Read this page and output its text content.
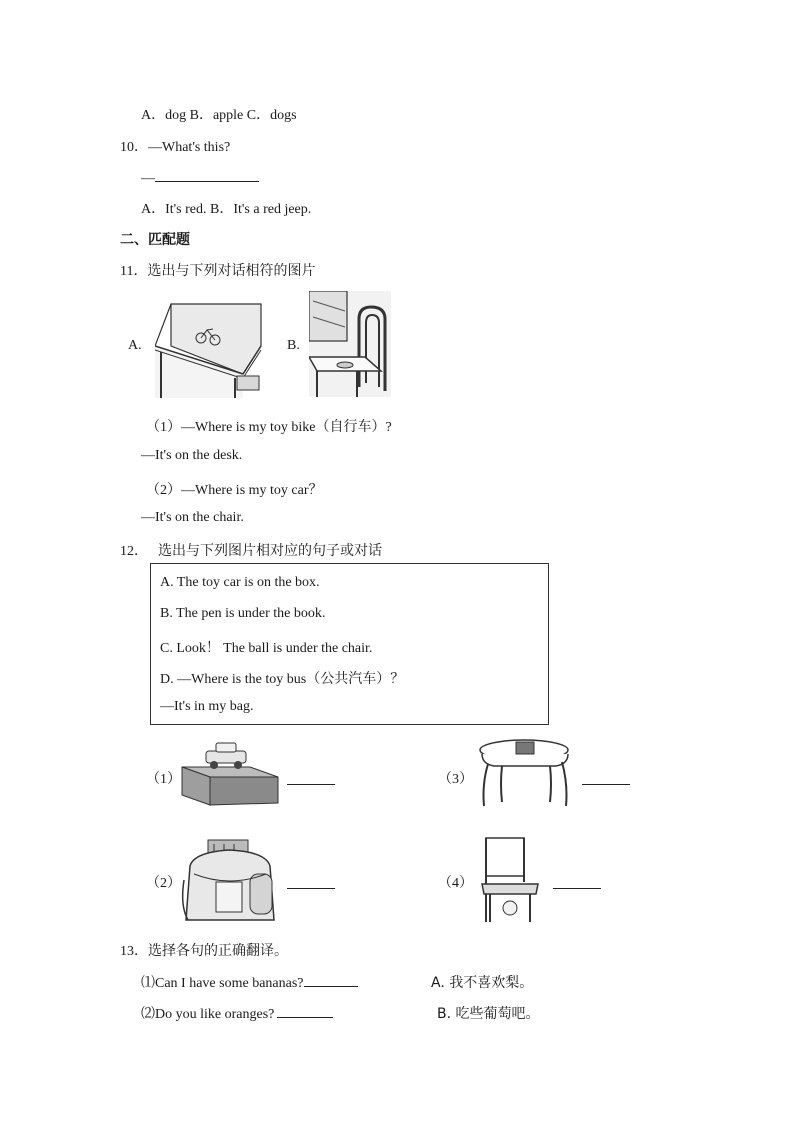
A．dog B．apple C．dogs
10．—What's this?
—
A．It's red. B．It's a red jeep.
二、匹配题
11．选出与下列对话相符的图片
A.	B.
（1）—Where is my toy bike（自行车）?
—It's on the desk.
（2）—Where is my toy car？
—It's on the chair.
12． 选出与下列图片相对应的句子或对话
A. The toy car is on the box.
B. The pen is under the book.
C. Look！ The ball is under the chair.
D. —Where is the toy bus（公共汽车）？
—It's in my bag.
（1）	（3）
（2）	（4）
13．选择各句的正确翻译。
⑴Can I have some bananas?	A. 我不喜欢梨。
⑵Do you like oranges?	B. 吃些葡萄吧。
